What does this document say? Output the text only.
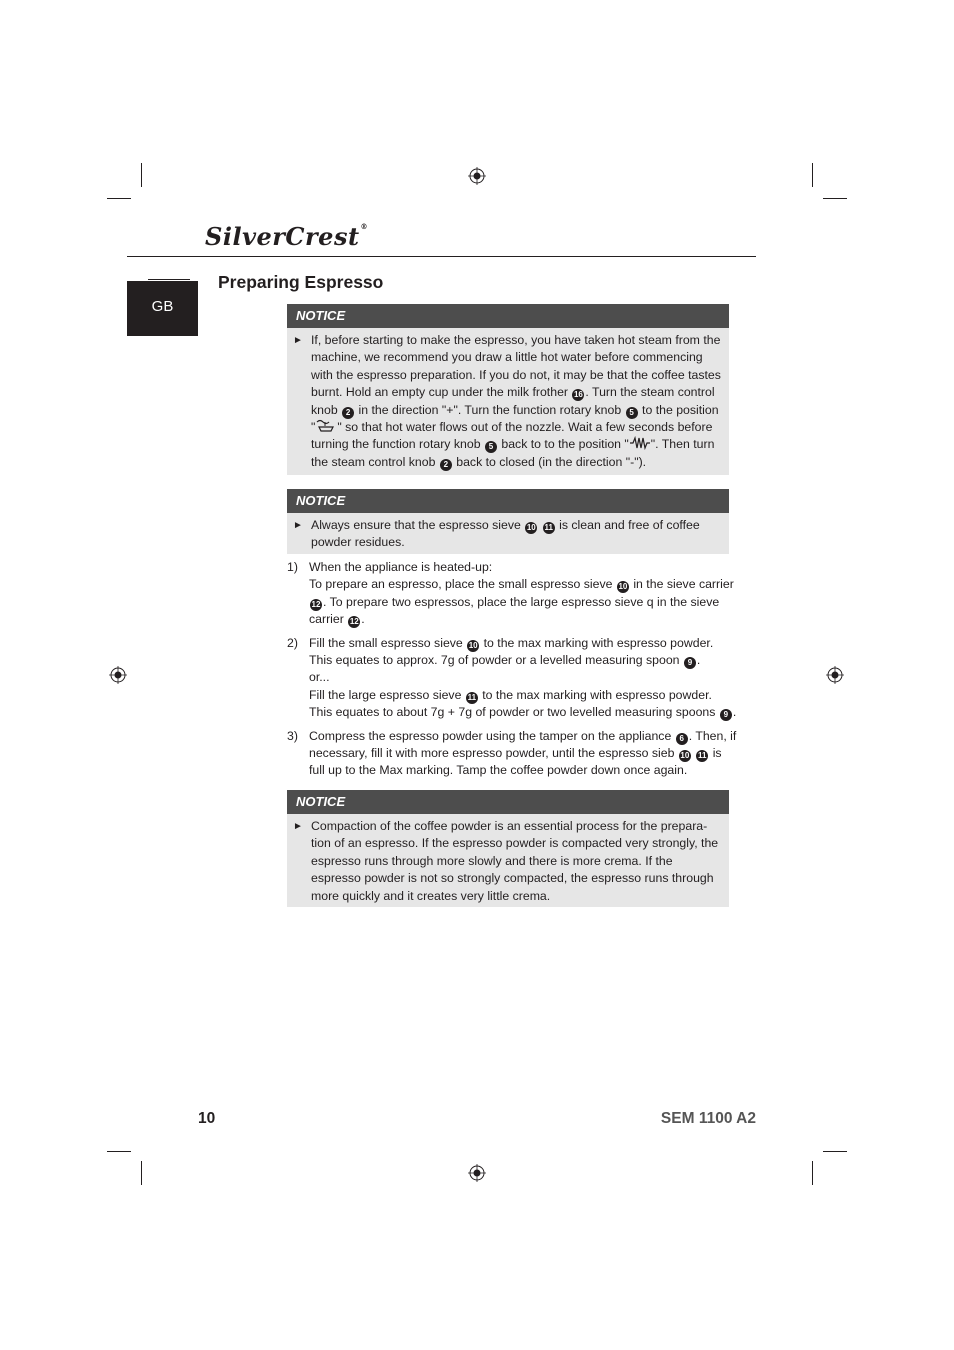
SilverCrest®
GB
Preparing Espresso
NOTICE
► If, before starting to make the espresso, you have taken hot steam from the machine, we recommend you draw a little hot water before commencing with the espresso preparation. If you do not, it may be that the coffee tastes burnt. Hold an empty cup under the milk frother 16 . Turn the steam control knob 2 in the direction "+". Turn the function rotary knob 5 to the position " " so that hot water flows out of the nozzle. Wait a few seconds before turning the function rotary knob 5 back to to the position " ". Then turn the steam control knob 2 back to closed (in the direction "-").
NOTICE
► Always ensure that the espresso sieve 10 11 is clean and free of coffee powder residues.
1) When the appliance is heated-up:
To prepare an espresso, place the small espresso sieve 10 in the sieve carrier 12 . To prepare two espressos, place the large espresso sieve q in the sieve carrier 12 .
2) Fill the small espresso sieve 10 to the max marking with espresso powder.
This equates to approx. 7g of powder or a levelled measuring spoon 9 .
or...
Fill the large espresso sieve 11 to the max marking with espresso powder. This equates to about 7g + 7g of powder or two levelled measuring spoons 9 .
3) Compress the espresso powder using the tamper on the appliance 6 . Then, if necessary, fill it with more espresso powder, until the espresso sieb 10 11 is full up to the Max marking. Tamp the coffee powder down once again.
NOTICE
► Compaction of the coffee powder is an essential process for the prepara-tion of an espresso. If the espresso powder is compacted very strongly, the espresso runs through more slowly and there is more crema. If the espresso powder is not so strongly compacted, the espresso runs through more quickly and it creates very little crema.
10	SEM 1100 A2
